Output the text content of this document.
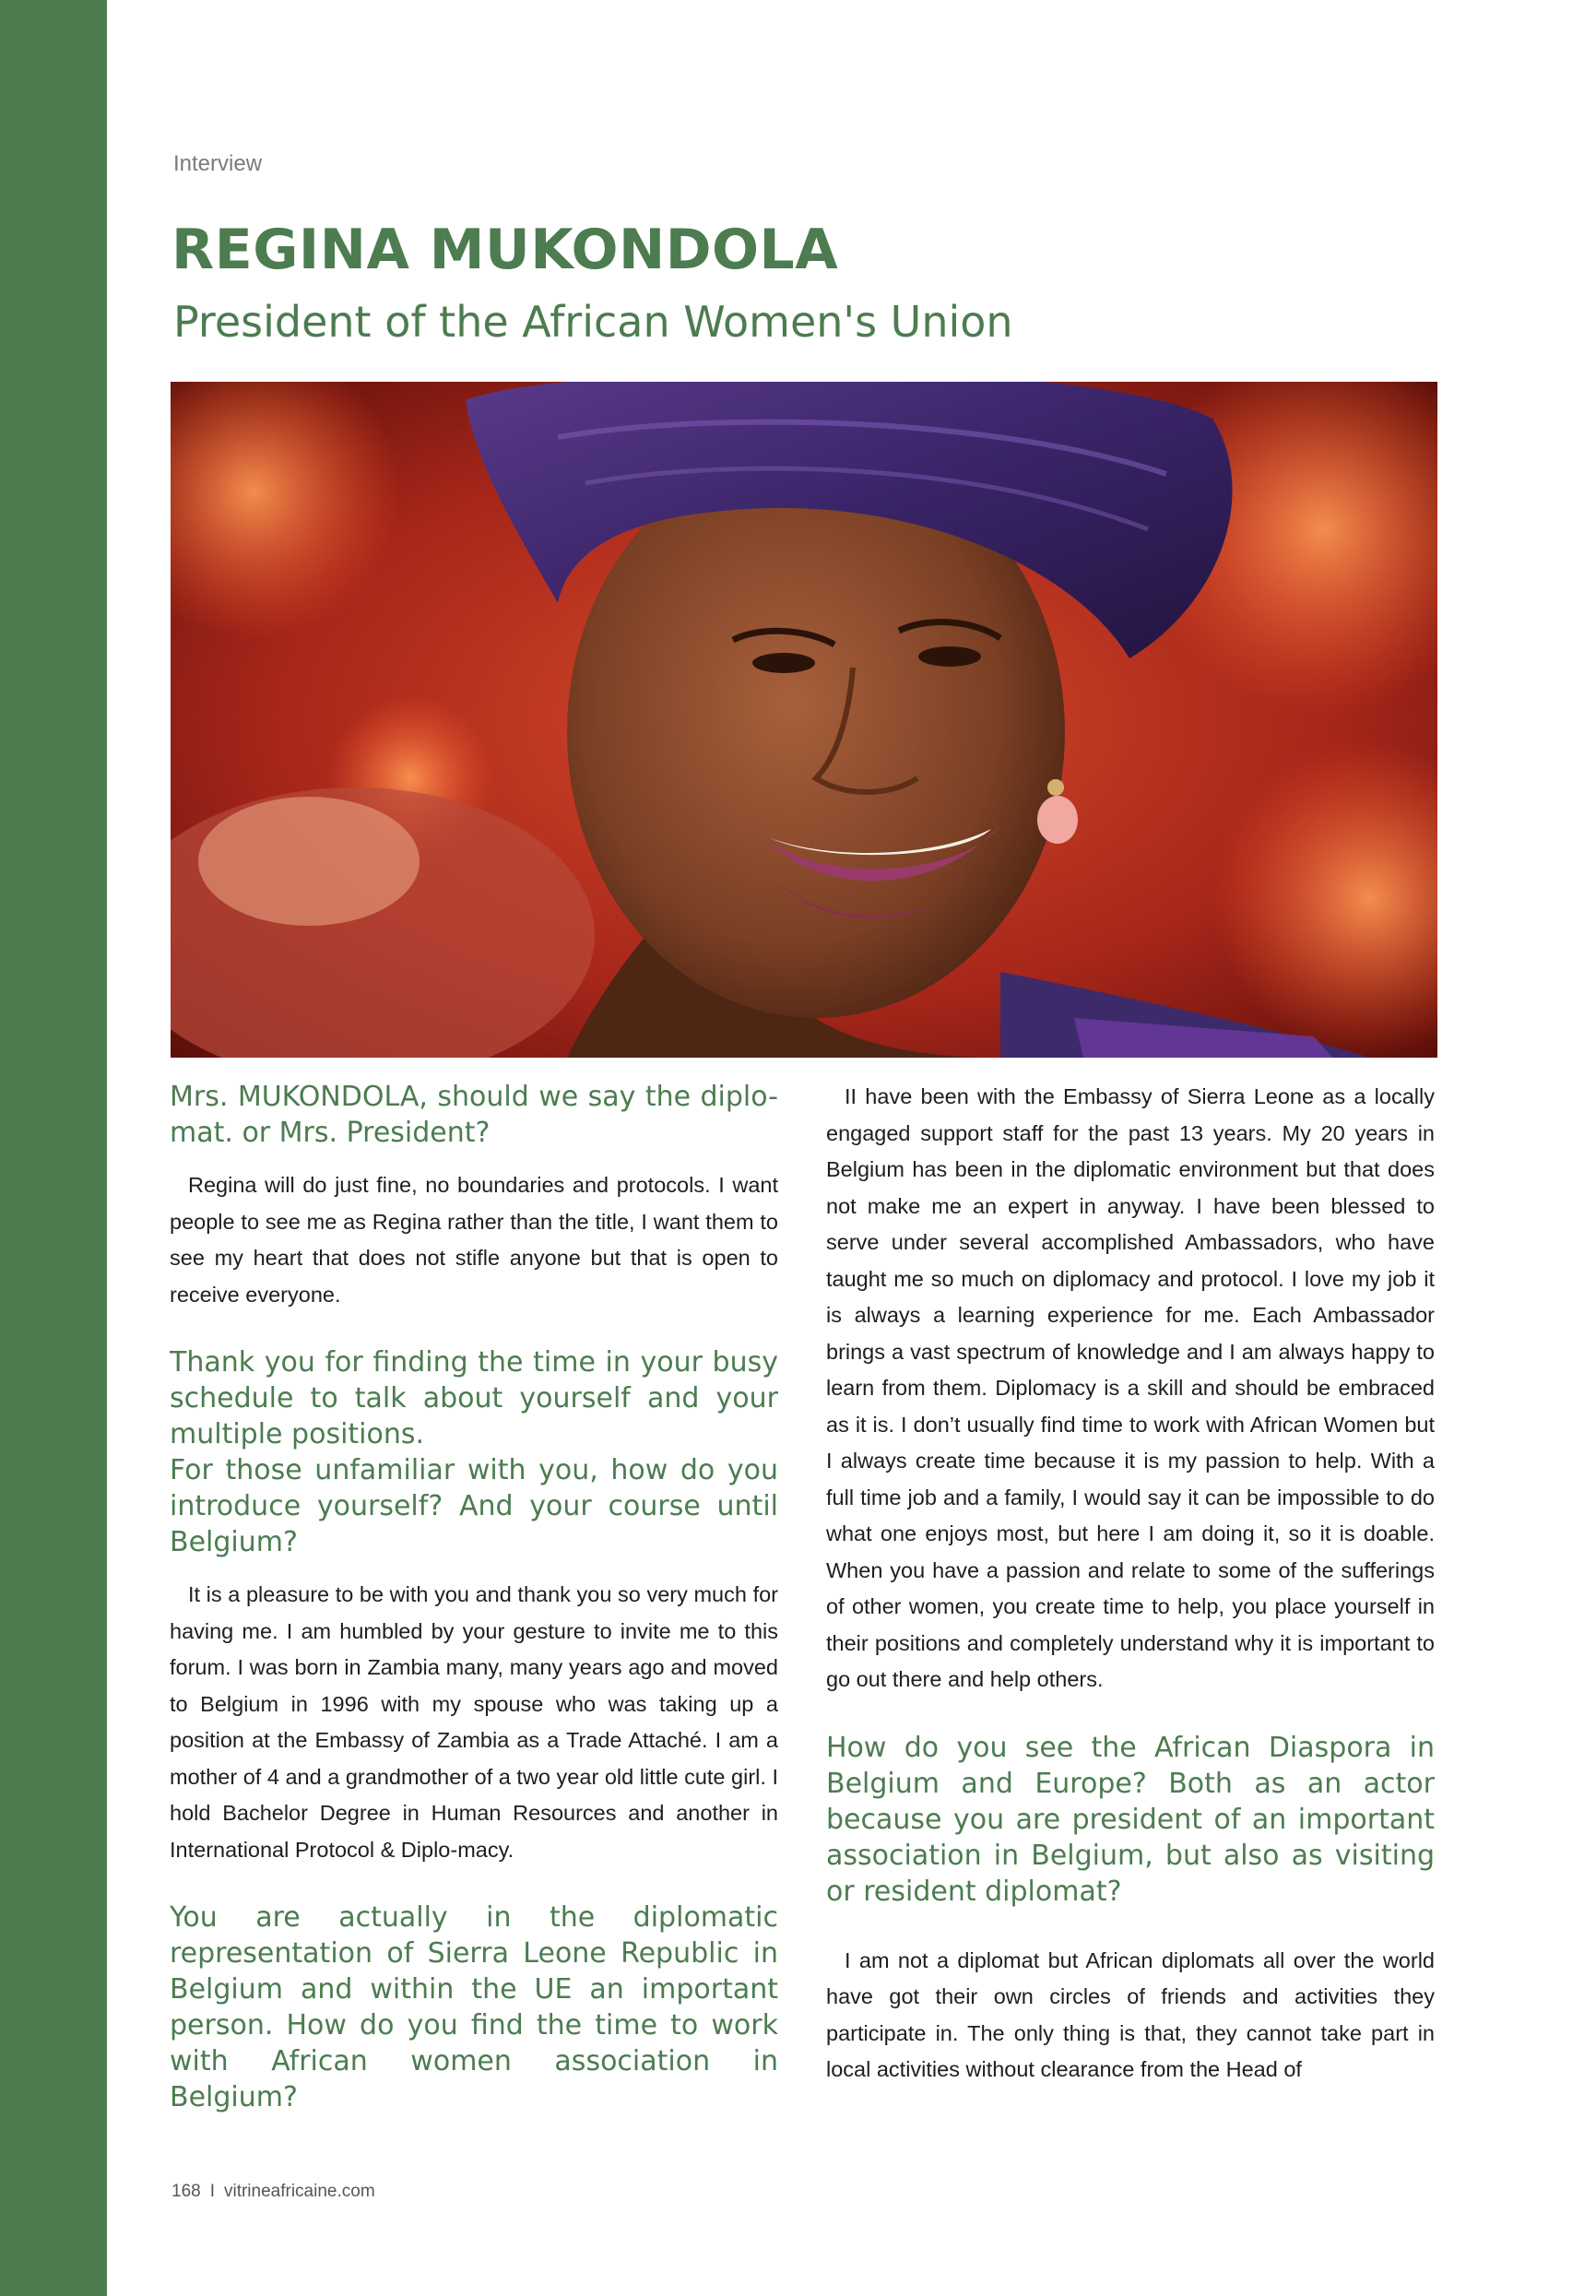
Interview
REGINA MUKONDOLA
President of the African Women's Union
Mrs. MUKONDOLA, should we say the diplo-mat. or Mrs. President?

Regina will do just fine, no boundaries and protocols. I want people to see me as Regina rather than the title, I want them to see my heart that does not stifle anyone but that is open to receive everyone.

Thank you for finding the time in your busy schedule to talk about yourself and your multiple positions.
For those unfamiliar with you, how do you introduce yourself? And your course until Belgium?

It is a pleasure to be with you and thank you so very much for having me. I am humbled by your gesture to invite me to this forum. I was born in Zambia many, many years ago and moved to Belgium in 1996 with my spouse who was taking up a position at the Embassy of Zambia as a Trade Attaché. I am a mother of 4 and a grandmother of a two year old little cute girl. I hold Bachelor Degree in Human Resources and another in International Protocol & Diplo-macy.

You are actually in the diplomatic representation of Sierra Leone Republic in Belgium and within the UE an important person. How do you find the time to work with African women association in Belgium?

II have been with the Embassy of Sierra Leone as a locally engaged support staff for the past 13 years. My 20 years in Belgium has been in the diplomatic environment but that does not make me an expert in anyway. I have been blessed to serve under several accomplished Ambassadors, who have taught me so much on diplomacy and protocol. I love my job it is always a learning experience for me. Each Ambassador brings a vast spectrum of knowledge and I am always happy to learn from them. Diplomacy is a skill and should be embraced as it is. I don’t usually find time to work with African Women but I always create time because it is my passion to help. With a full time job and a family, I would say it can be impossible to do what one enjoys most, but here I am doing it, so it is doable. When you have a passion and relate to some of the sufferings of other women, you create time to help, you place yourself in their positions and completely understand why it is important to go out there and help others.

How do you see the African Diaspora in Belgium and Europe? Both as an actor because you are president of an important association in Belgium, but also as visiting or resident diplomat?

I am not a diplomat but African diplomats all over the world have got their own circles of friends and activities they participate in. The only thing is that, they cannot take part in local activities without clearance from the Head of

168 I vitrineafricaine.com
